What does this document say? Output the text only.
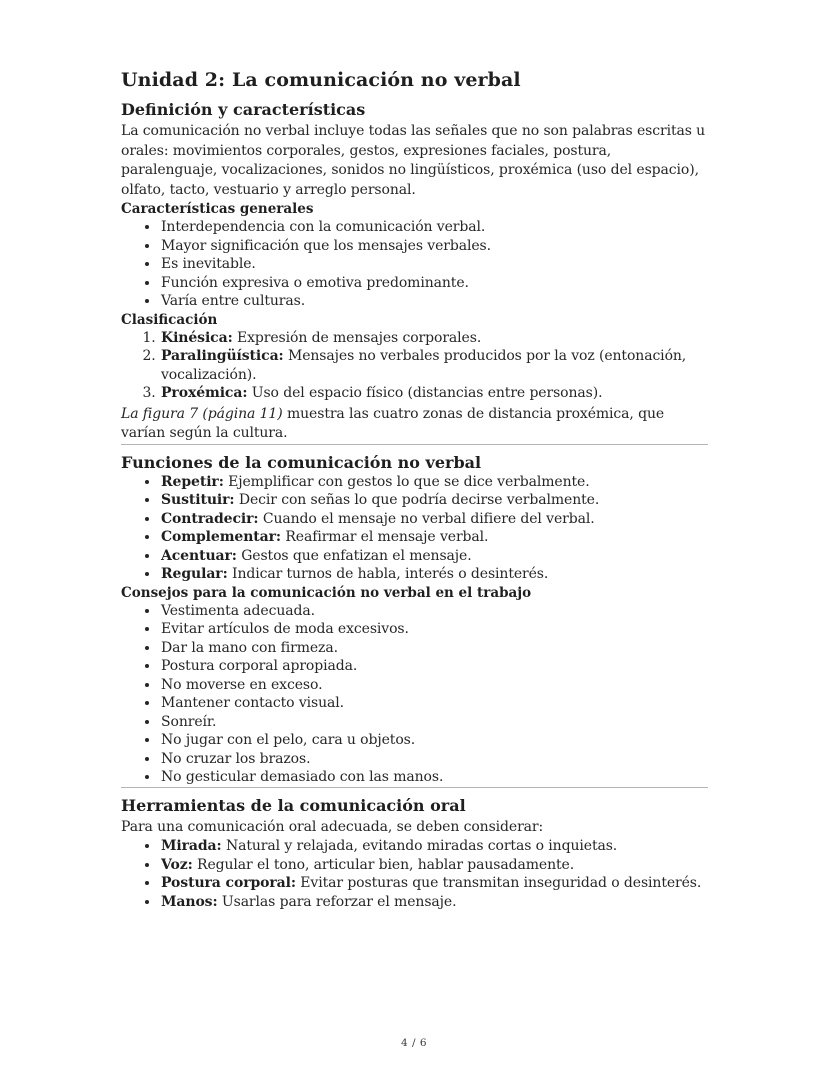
Unidad 2: La comunicación no verbal
Definición y características

La comunicación no verbal incluye todas las señales que no son palabras escritas u orales: movimientos corporales, gestos, expresiones faciales, postura, paralenguaje, vocalizaciones, sonidos no lingüísticos, proxémica (uso del espacio), olfato, tacto, vestuario y arreglo personal.

Características generales
• Interdependencia con la comunicación verbal.
• Mayor significación que los mensajes verbales.
• Es inevitable.
• Función expresiva o emotiva predominante.
• Varía entre culturas.
Clasificación
1. Kinésica: Expresión de mensajes corporales.
2. Paralingüística: Mensajes no verbales producidos por la voz (entonación, vocalización).
3. Proxémica: Uso del espacio físico (distancias entre personas).

La figura 7 (página 11) muestra las cuatro zonas de distancia proxémica, que varían según la cultura.

Funciones de la comunicación no verbal
• Repetir: Ejemplificar con gestos lo que se dice verbalmente.
• Sustituir: Decir con señas lo que podría decirse verbalmente.
• Contradecir: Cuando el mensaje no verbal difiere del verbal.
• Complementar: Reafirmar el mensaje verbal.
• Acentuar: Gestos que enfatizan el mensaje.
• Regular: Indicar turnos de habla, interés o desinterés.
Consejos para la comunicación no verbal en el trabajo
• Vestimenta adecuada.
• Evitar artículos de moda excesivos.
• Dar la mano con firmeza.
• Postura corporal apropiada.
• No moverse en exceso.
• Mantener contacto visual.
• Sonreír.
• No jugar con el pelo, cara u objetos.
• No cruzar los brazos.
• No gesticular demasiado con las manos.
Herramientas de la comunicación oral

Para una comunicación oral adecuada, se deben considerar:

• Mirada: Natural y relajada, evitando miradas cortas o inquietas.
• Voz: Regular el tono, articular bien, hablar pausadamente.
• Postura corporal: Evitar posturas que transmitan inseguridad o desinterés.
• Manos: Usarlas para reforzar el mensaje.
4 / 6
